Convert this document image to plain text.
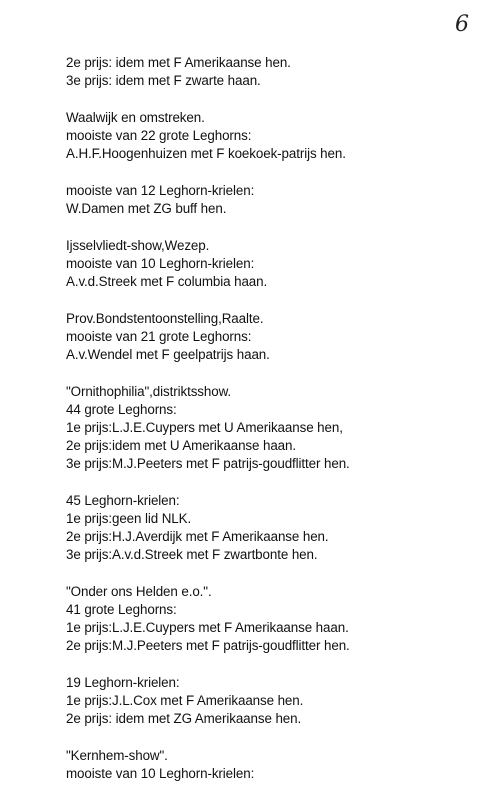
6
2e prijs: idem met F Amerikaanse hen.
3e prijs: idem met F zwarte haan.
Waalwijk en omstreken.
mooiste van 22 grote Leghorns:
A.H.F.Hoogenhuizen met F koekoek-patrijs hen.
mooiste van 12 Leghorn-krielen:
W.Damen met ZG buff hen.
Ijsselvliedt-show,Wezep.
mooiste van 10 Leghorn-krielen:
A.v.d.Streek met F columbia haan.
Prov.Bondstentoonstelling,Raalte.
mooiste van 21 grote Leghorns:
A.v.Wendel met F geelpatrijs haan.
"Ornithophilia",distriktsshow.
44 grote Leghorns:
1e prijs:L.J.E.Cuypers met U Amerikaanse hen,
2e prijs:idem met U Amerikaanse haan.
3e prijs:M.J.Peeters met F patrijs-goudflitter hen.
45 Leghorn-krielen:
1e prijs:geen lid NLK.
2e prijs:H.J.Averdijk met F Amerikaanse hen.
3e prijs:A.v.d.Streek met F zwartbonte hen.
"Onder ons Helden e.o.".
41 grote Leghorns:
1e prijs:L.J.E.Cuypers met F Amerikaanse haan.
2e prijs:M.J.Peeters met F patrijs-goudflitter hen.
19 Leghorn-krielen:
1e prijs:J.L.Cox met F Amerikaanse hen.
2e prijs: idem met ZG Amerikaanse hen.
"Kernhem-show".
mooiste van 10 Leghorn-krielen:
